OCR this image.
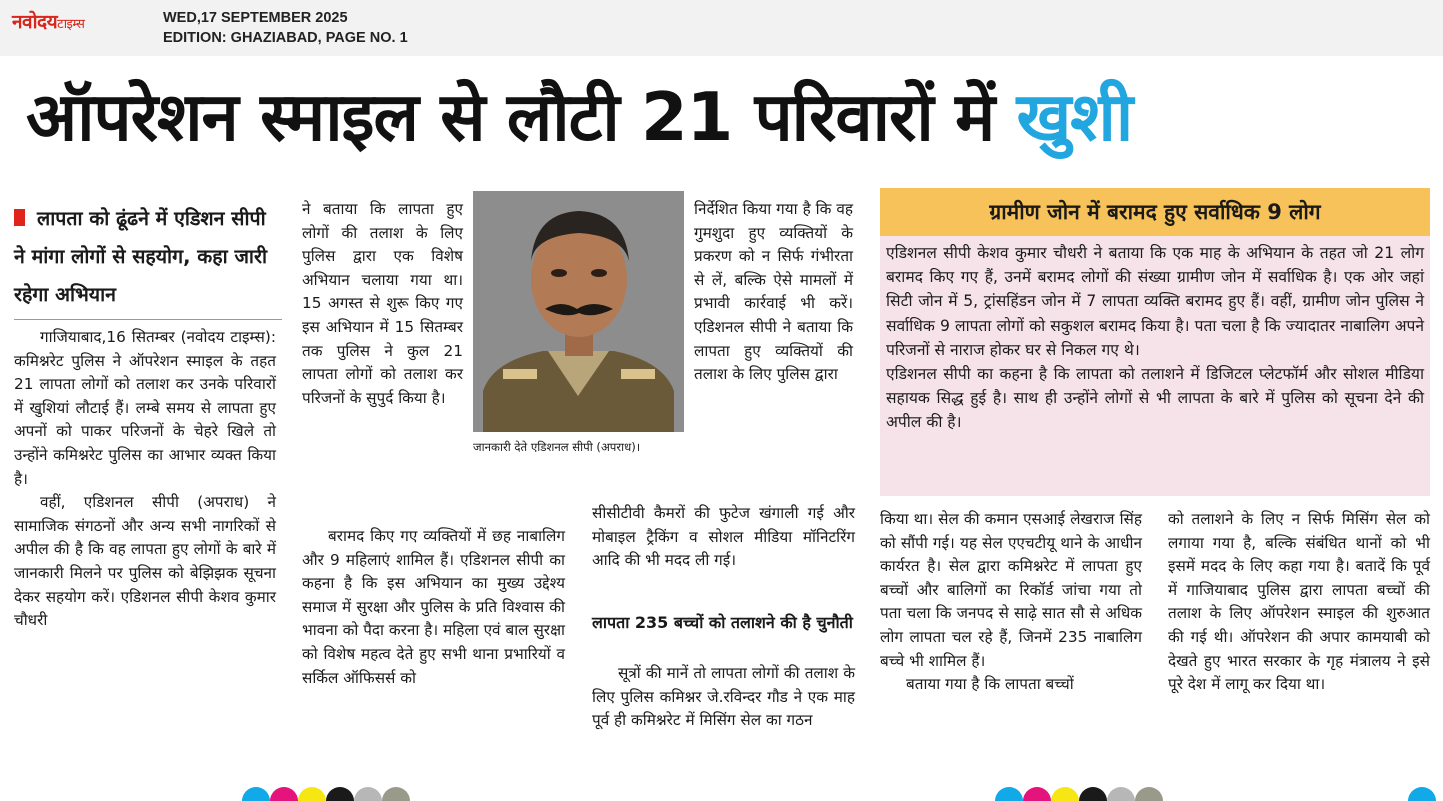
नवोदयटाइम्स	WED,17 SEPTEMBER 2025
EDITION: GHAZIABAD, PAGE NO. 1
ऑपरेशन स्माइल से लौटी 21 परिवारों में खुशी
लापता को ढूंढने में एडिशन सीपी ने मांगा लोगों से सहयोग, कहा जारी रहेगा अभियान

गाजियाबाद,16 सितम्बर (नवोदय टाइम्स): कमिश्नरेट पुलिस ने ऑपरेशन स्माइल के तहत 21 लापता लोगों को तलाश कर उनके परिवारों में खुशियां लौटाई हैं। लम्बे समय से लापता हुए अपनों को पाकर परिजनों के चेहरे खिले तो उन्होंने कमिश्नरेट पुलिस का आभार व्यक्त किया है।

वहीं, एडिशनल सीपी (अपराध) ने सामाजिक संगठनों और अन्य सभी नागरिकों से अपील की है कि वह लापता हुए लोगों के बारे में जानकारी मिलने पर पुलिस को बेझिझक सूचना देकर सहयोग करें। एडिशनल सीपी केशव कुमार चौधरी

ने बताया कि लापता हुए लोगों की तलाश के लिए पुलिस द्वारा एक विशेष अभियान चलाया गया था। 15 अगस्त से शुरू किए गए इस अभियान में 15 सितम्बर तक पुलिस ने कुल 21 लापता लोगों को तलाश कर परिजनों के सुपुर्द किया है।

बरामद किए गए व्यक्तियों में छह नाबालिग और 9 महिलाएं शामिल हैं। एडिशनल सीपी का कहना है कि इस अभियान का मुख्य उद्देश्य समाज में सुरक्षा और पुलिस के प्रति विश्वास की भावना को पैदा करना है। महिला एवं बाल सुरक्षा को विशेष महत्व देते हुए सभी थाना प्रभारियों व सर्किल ऑफिसर्स को

जानकारी देते एडिशनल सीपी (अपराध)।

निर्देशित किया गया है कि वह गुमशुदा हुए व्यक्तियों के प्रकरण को न सिर्फ गंभीरता से लें, बल्कि ऐसे मामलों में प्रभावी कार्रवाई भी करें। एडिशनल सीपी ने बताया कि लापता हुए व्यक्तियों की तलाश के लिए पुलिस द्वारा

सीसीटीवी कैमरों की फुटेज खंगाली गई और मोबाइल ट्रैकिंग व सोशल मीडिया मॉनिटरिंग आदि की भी मदद ली गई।

लापता 235 बच्चों को तलाशने की है चुनौती

सूत्रों की मानें तो लापता लोगों की तलाश के लिए पुलिस कमिश्नर जे.रविन्दर गौड ने एक माह पूर्व ही कमिश्नरेट में मिसिंग सेल का गठन

ग्रामीण जोन में बरामद हुए सर्वाधिक 9 लोग

एडिशनल सीपी केशव कुमार चौधरी ने बताया कि एक माह के अभियान के तहत जो 21 लोग बरामद किए गए हैं, उनमें बरामद लोगों की संख्या ग्रामीण जोन में सर्वाधिक है। एक ओर जहां सिटी जोन में 5, ट्रांसहिंडन जोन में 7 लापता व्यक्ति बरामद हुए हैं। वहीं, ग्रामीण जोन पुलिस ने सर्वाधिक 9 लापता लोगों को सकुशल बरामद किया है। पता चला है कि ज्यादातर नाबालिग अपने परिजनों से नाराज होकर घर से निकल गए थे।

एडिशनल सीपी का कहना है कि लापता को तलाशने में डिजिटल प्लेटफॉर्म और सोशल मीडिया सहायक सिद्ध हुई है। साथ ही उन्होंने लोगों से भी लापता के बारे में पुलिस को सूचना देने की अपील की है।

किया था। सेल की कमान एसआई लेखराज सिंह को सौंपी गई। यह सेल एएचटीयू थाने के आधीन कार्यरत है। सेल द्वारा कमिश्नरेट में लापता हुए बच्चों और बालिगों का रिकॉर्ड जांचा गया तो पता चला कि जनपद से साढ़े सात सौ से अधिक लोग लापता चल रहे हैं, जिनमें 235 नाबालिग बच्चे भी शामिल हैं।

बताया गया है कि लापता बच्चों

को तलाशने के लिए न सिर्फ मिसिंग सेल को लगाया गया है, बल्कि संबंधित थानों को भी इसमें मदद के लिए कहा गया है। बतादें कि पूर्व में गाजियाबाद पुलिस द्वारा लापता बच्चों की तलाश के लिए ऑपरेशन स्माइल की शुरुआत की गई थी। ऑपरेशन की अपार कामयाबी को देखते हुए भारत सरकार के गृह मंत्रालय ने इसे पूरे देश में लागू कर दिया था।
